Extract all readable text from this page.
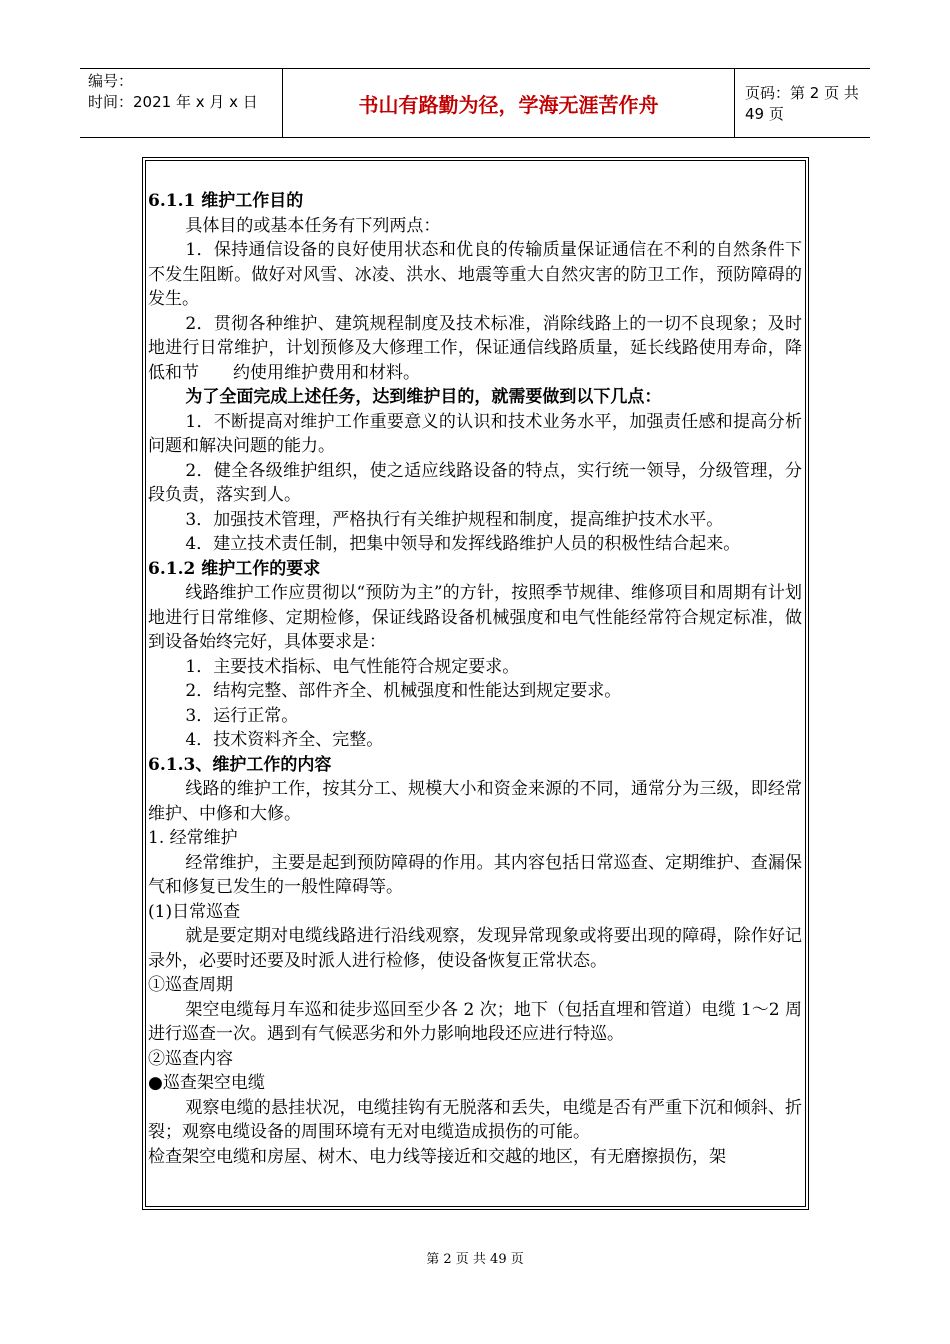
编号：
时间：2021 年 x 月 x 日	书山有路勤为径，学海无涯苦作舟	页码：第 2 页 共 49 页

6.1.1 维护工作目的

具体目的或基本任务有下列两点：

1．保持通信设备的良好使用状态和优良的传输质量保证通信在不利的自然条件下不发生阻断。做好对风雪、冰凌、洪水、地震等重大自然灾害的防卫工作，预防障碍的发生。

2．贯彻各种维护、建筑规程制度及技术标准，消除线路上的一切不良现象；及时地进行日常维护，计划预修及大修理工作，保证通信线路质量，延长线路使用寿命，降低和节　　约使用维护费用和材料。

为了全面完成上述任务，达到维护目的，就需要做到以下几点：

1．不断提高对维护工作重要意义的认识和技术业务水平，加强责任感和提高分析问题和解决问题的能力。

2．健全各级维护组织，使之适应线路设备的特点，实行统一领导，分级管理，分段负责，落实到人。

3．加强技术管理，严格执行有关维护规程和制度，提高维护技术水平。

4．建立技术责任制，把集中领导和发挥线路维护人员的积极性结合起来。

6.1.2 维护工作的要求

线路维护工作应贯彻以“预防为主”的方针，按照季节规律、维修项目和周期有计划地进行日常维修、定期检修，保证线路设备机械强度和电气性能经常符合规定标准，做到设备始终完好，具体要求是：

1．主要技术指标、电气性能符合规定要求。

2．结构完整、部件齐全、机械强度和性能达到规定要求。

3．运行正常。

4．技术资料齐全、完整。

6.1.3、维护工作的内容

线路的维护工作，按其分工、规模大小和资金来源的不同，通常分为三级，即经常维护、中修和大修。

1. 经常维护

经常维护，主要是起到预防障碍的作用。其内容包括日常巡查、定期维护、查漏保气和修复已发生的一般性障碍等。

(1)日常巡查

就是要定期对电缆线路进行沿线观察，发现异常现象或将要出现的障碍，除作好记录外，必要时还要及时派人进行检修，使设备恢复正常状态。

①巡查周期

架空电缆每月车巡和徒步巡回至少各 2 次；地下（包括直埋和管道）电缆 1～2 周进行巡查一次。遇到有气候恶劣和外力影响地段还应进行特巡。

②巡查内容

●巡查架空电缆

观察电缆的悬挂状况，电缆挂钩有无脱落和丢失，电缆是否有严重下沉和倾斜、折裂；观察电缆设备的周围环境有无对电缆造成损伤的可能。

检查架空电缆和房屋、树木、电力线等接近和交越的地区，有无磨擦损伤，架

第 2 页 共 49 页
